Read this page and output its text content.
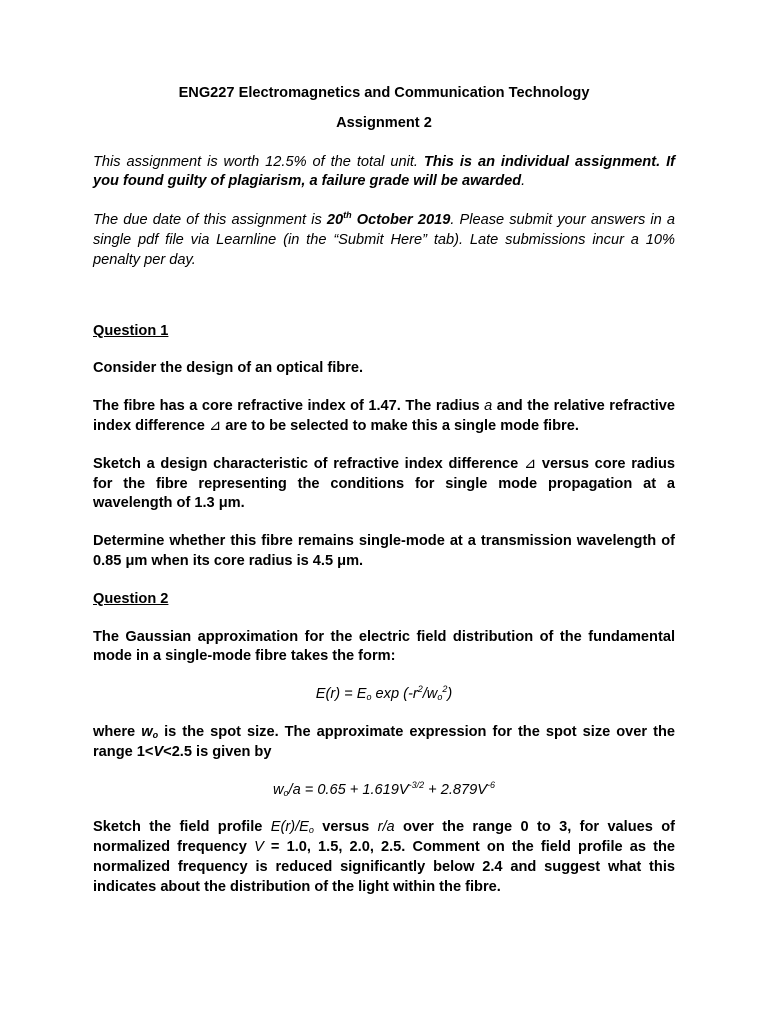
ENG227 Electromagnetics and Communication Technology

Assignment 2

This assignment is worth 12.5% of the total unit. This is an individual assignment. If you found guilty of plagiarism, a failure grade will be awarded.

The due date of this assignment is 20th October 2019. Please submit your answers in a single pdf file via Learnline (in the “Submit Here” tab). Late submissions incur a 10% penalty per day.

Question 1

Consider the design of an optical fibre.

The fibre has a core refractive index of 1.47. The radius a and the relative refractive index difference ⊿ are to be selected to make this a single mode fibre.

Sketch a design characteristic of refractive index difference ⊿ versus core radius for the fibre representing the conditions for single mode propagation at a wavelength of 1.3 μm.

Determine whether this fibre remains single-mode at a transmission wavelength of 0.85 μm when its core radius is 4.5 μm.

Question 2

The Gaussian approximation for the electric field distribution of the fundamental mode in a single-mode fibre takes the form:

$E(r) = E_o$ $\exp (-r^2/w_o^2)$

where $w_o$ is the spot size. The approximate expression for the spot size over the range 1<V<2.5 is given by

$w_o/a = 0.65 + 1.619V^{-3/2} + 2.879V^{-6}$

Sketch the field profile $E(r)/E_o$ versus r/a over the range 0 to 3, for values of normalized frequency V = 1.0, 1.5, 2.0, 2.5. Comment on the field profile as the normalized frequency is reduced significantly below 2.4 and suggest what this indicates about the distribution of the light within the fibre.
